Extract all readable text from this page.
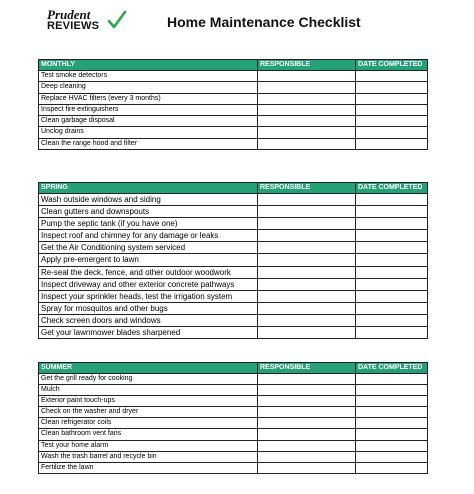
Prudent
REVIEWS	Home Maintenance Checklist
MONTHLY	RESPONSIBLE	DATE COMPLETED
Test smoke detectors		
Deep cleaning		
Replace HVAC filters (every 3 months)		
Inspect fire extinguishers		
Clean garbage disposal		
Unclog drains		
Clean the range hood and filter		
SPRING	RESPONSIBLE	DATE COMPLETED
Wash outside windows and siding		
Clean gutters and downspouts		
Pump the septic tank (if you have one)		
Inspect roof and chimney for any damage or leaks		
Get the Air Conditioning system serviced		
Apply pre-emergent to lawn		
Re-seal the deck, fence, and other outdoor woodwork		
Inspect driveway and other exterior concrete pathways		
Inspect your sprinkler heads, test the irrigation system		
Spray for mosquitos and other bugs		
Check screen doors and windows		
Get your lawnmower blades sharpened		
SUMMER	RESPONSIBLE	DATE COMPLETED
Get the grill ready for cooking		
Mulch		
Exterior paint touch-ups		
Check on the washer and dryer		
Clean refrigerator coils		
Clean bathroom vent fans		
Test your home alarm		
Wash the trash barrel and recycle bin		
Fertilize the lawn		
